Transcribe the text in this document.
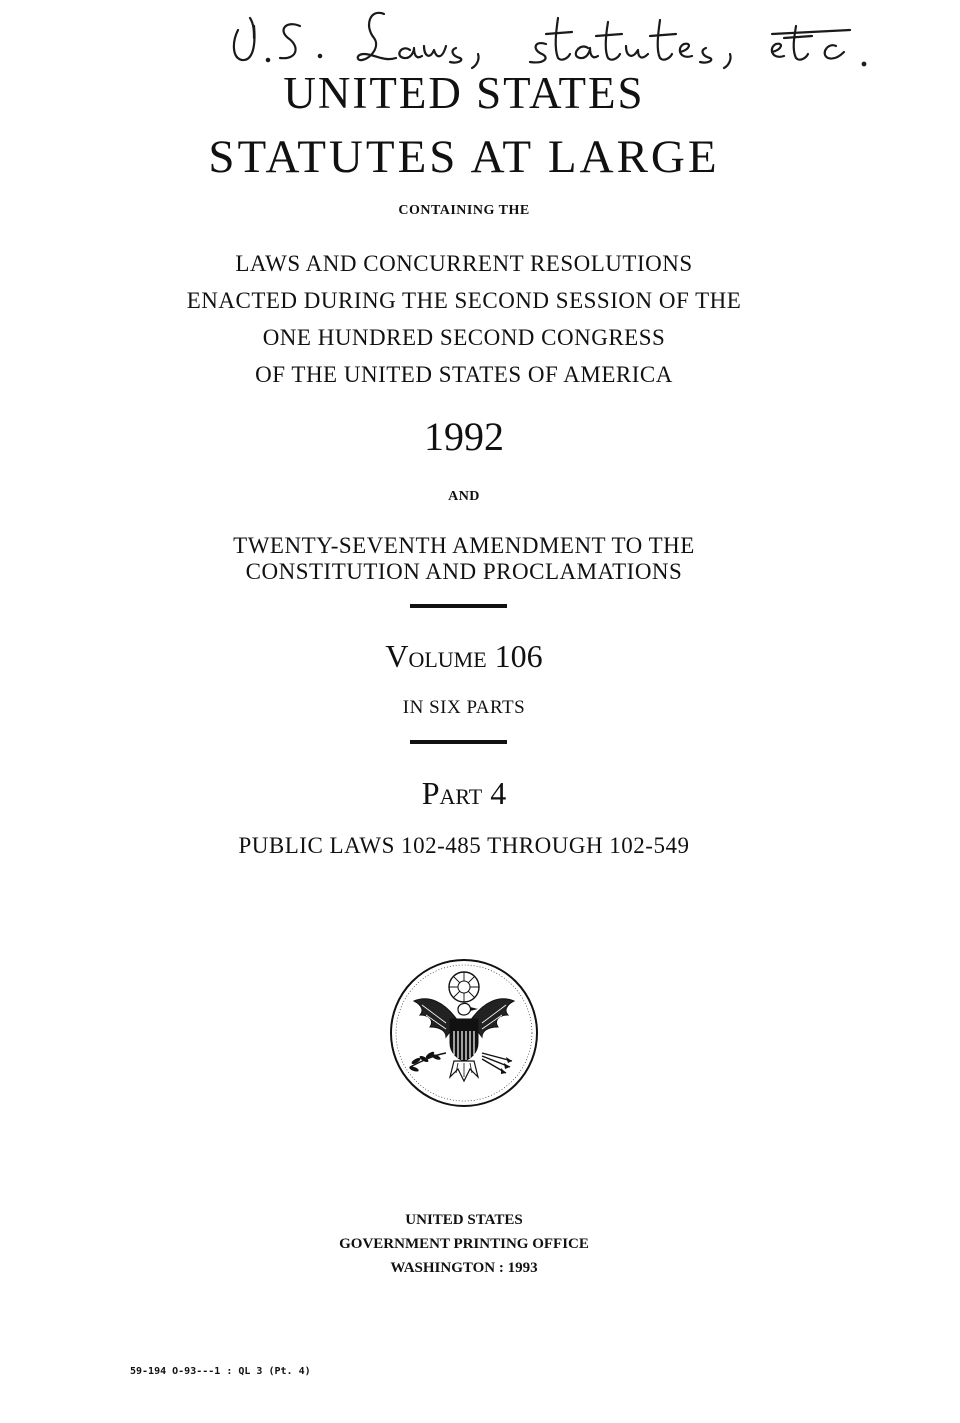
UNITED STATES
STATUTES AT LARGE
CONTAINING THE
LAWS AND CONCURRENT RESOLUTIONS
ENACTED DURING THE SECOND SESSION OF THE
ONE HUNDRED SECOND CONGRESS
OF THE UNITED STATES OF AMERICA
1992
AND
TWENTY-SEVENTH AMENDMENT TO THE
CONSTITUTION AND PROCLAMATIONS
Volume 106
IN SIX PARTS
Part 4
PUBLIC LAWS 102-485 THROUGH 102-549
UNITED STATES
GOVERNMENT PRINTING OFFICE
WASHINGTON : 1993
59-194 O-93---1 : QL 3 (Pt. 4)
